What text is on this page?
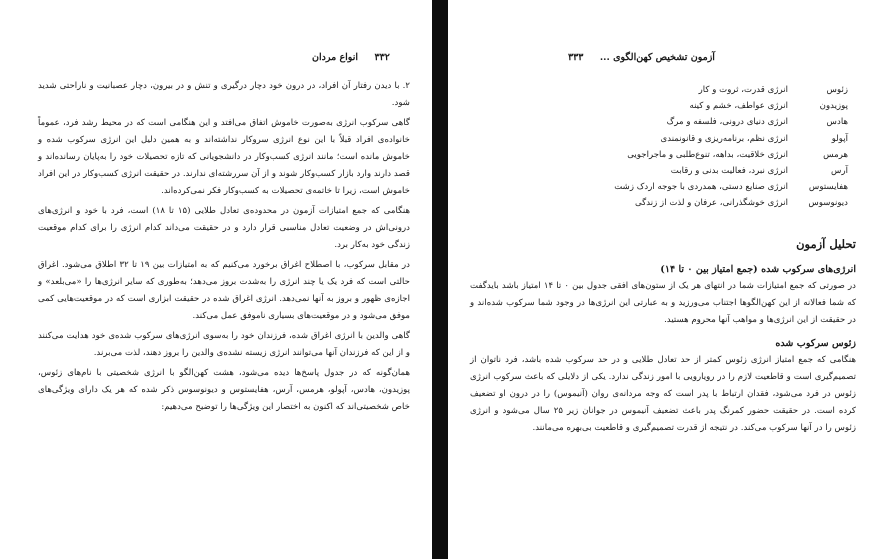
۳۳۲     انواع مردان

۲. با دیدن رفتار آن افراد، در درون خود دچار درگیری و تنش و در بیرون، دچار عصبانیت و ناراحتی شدید شود.

گاهی سرکوب انرژی به‌صورت خاموش اتفاق می‌افتد و این هنگامی است که در محیط رشد فرد، عموماً خانواده‌ی افراد قبلاً با این نوع انرژی سروکار نداشته‌اند و به همین دلیل این انرژی سرکوب شده و خاموش مانده است؛ مانند انرژی کسب‌وکار در دانشجویانی که تازه تحصیلات خود را به‌پایان رسانده‌اند و قصد دارند وارد بازار کسب‌وکار شوند و از آن سررشته‌ای ندارند. در حقیقت انرژی کسب‌وکار در این افراد خاموش است، زیرا تا خاتمه‌ی تحصیلات به کسب‌وکار فکر نمی‌کرده‌اند.

هنگامی که جمع امتیازات آزمون در محدوده‌ی تعادل طلایی (۱۵ تا ۱۸) است، فرد با خود و انرژی‌های درونی‌اش در وضعیت تعادل مناسبی قرار دارد و در حقیقت می‌داند کدام انرژی را برای کدام موقعیت زندگی خود به‌کار برد.

در مقابل سرکوب، با اصطلاح اغراق برخورد می‌کنیم که به امتیازات بین ۱۹ تا ۳۲ اطلاق می‌شود. اغراق حالتی است که فرد یک یا چند انرژی را به‌شدت بروز می‌دهد؛ به‌طوری که سایر انرژی‌ها را «می‌بلعد» و اجازه‌ی ظهور و بروز به آنها نمی‌دهد. انرژی اغراق شده در حقیقت ابزاری است که در موقعیت‌هایی کمی موفق می‌شود و در موقعیت‌های بسیاری ناموفق عمل می‌کند.

گاهی والدین با انرژی اغراق شده، فرزندان خود را به‌سوی انرژی‌های سرکوب شده‌ی خود هدایت می‌کنند و از این که فرزندان آنها می‌توانند انرژی زیسته نشده‌ی والدین را بروز دهند، لذت می‌برند.

همان‌گونه که در جدول پاسخ‌ها دیده می‌شود، هشت کهن‌الگو با انرژی شخصیتی با نام‌های زئوس، پوزیدون، هادس، آپولو، هرمس، آرس، هفایستوس و دیونوسوس ذکر شده که هر یک دارای ویژگی‌های خاص شخصیتی‌اند که اکنون به اختصار این ویژگی‌ها را توضیح می‌دهیم:

آزمون تشخیص کهن‌الگوی ...     ۳۳۳
زئوس
انرژی قدرت، ثروت و کار
پوزیدون
انرژی عواطف، خشم و کینه
هادس
انرژی دنیای درونی، فلسفه و مرگ
آپولو
انرژی نظم، برنامه‌ریزی و قانونمندی
هرمس
انرژی خلاقیت، بداهه، تنوع‌طلبی و ماجراجویی
آرس
انرژی نبرد، فعالیت بدنی و رقابت
هفایستوس
انرژی صنایع دستی، همدردی با جوجه اردک زشت
دیونوسوس
انرژی خوشگذرانی، عرفان و لذت از زندگی
تحلیل آزمون
انرژی‌های سرکوب شده (جمع امتیاز بین ۰ تا ۱۴)

در صورتی که جمع امتیازات شما در انتهای هر یک از ستون‌های افقی جدول بین ۰ تا ۱۴ امتیاز باشد بایدگفت که شما فعالانه از این کهن‌الگوها اجتناب می‌ورزید و به عبارتی این انرژی‌ها در وجود شما سرکوب شده‌اند و در حقیقت از این انرژی‌ها و مواهب آنها محروم هستید.

زئوس سرکوب شده

هنگامی که جمع امتیاز انرژی زئوس کمتر از حد تعادل طلایی و در حد سرکوب شده باشد، فرد ناتوان از تصمیم‌گیری است و قاطعیت لازم را در رویارویی با امور زندگی ندارد. یکی از دلایلی که باعث سرکوب انرژی زئوس در فرد می‌شود، فقدان ارتباط با پدر است که وجه مردانه‌ی روان (آنیموس) را در درون او تضعیف کرده است. در حقیقت حضور کمرنگ پدر باعث تضعیف آنیموس در جوانان زیر ۲۵ سال می‌شود و انرژی زئوس را در آنها سرکوب می‌کند. در نتیجه از قدرت تصمیم‌گیری و قاطعیت بی‌بهره می‌مانند.
